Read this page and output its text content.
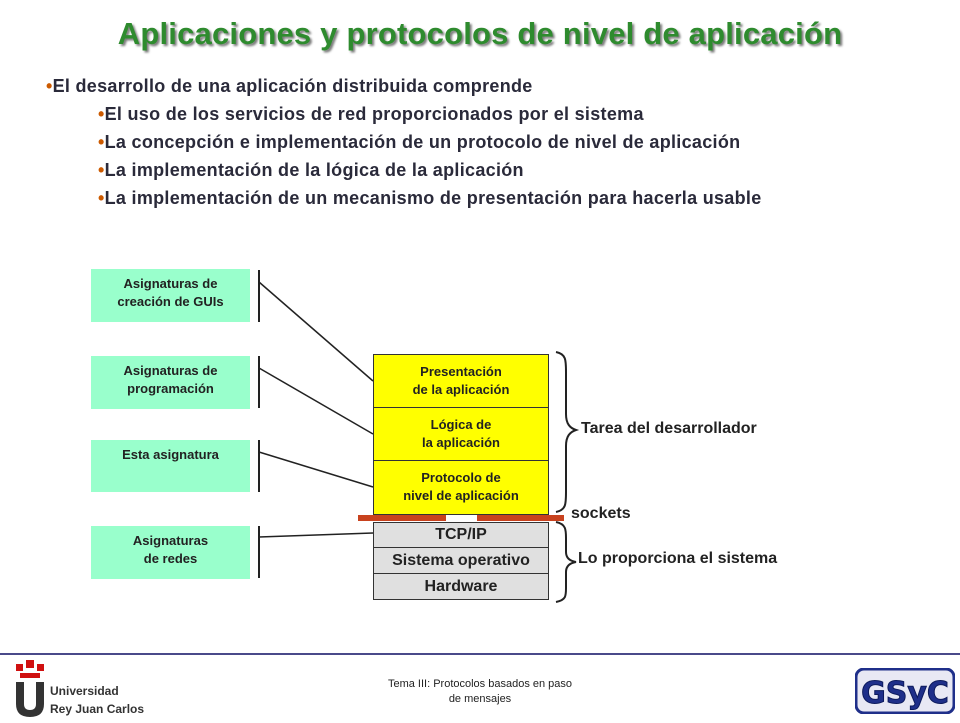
Aplicaciones y protocolos de nivel de aplicación
•El desarrollo de una aplicación distribuida comprende
•El uso de los servicios de red proporcionados por el sistema
•La concepción e implementación de un protocolo de nivel de aplicación
•La implementación de la lógica de la aplicación
•La implementación de un mecanismo de presentación para hacerla usable
Asignaturas de
creación de GUIs
Asignaturas de
programación
Esta asignatura
Asignaturas
de redes
Presentación
de la aplicación
Lógica de
la aplicación
Protocolo de
nivel de aplicación
TCP/IP
Sistema operativo
Hardware
Tarea del desarrollador
sockets
Lo proporciona el sistema
Universidad
Rey Juan Carlos
Tema III: Protocolos basados en paso
de mensajes	GSyC
